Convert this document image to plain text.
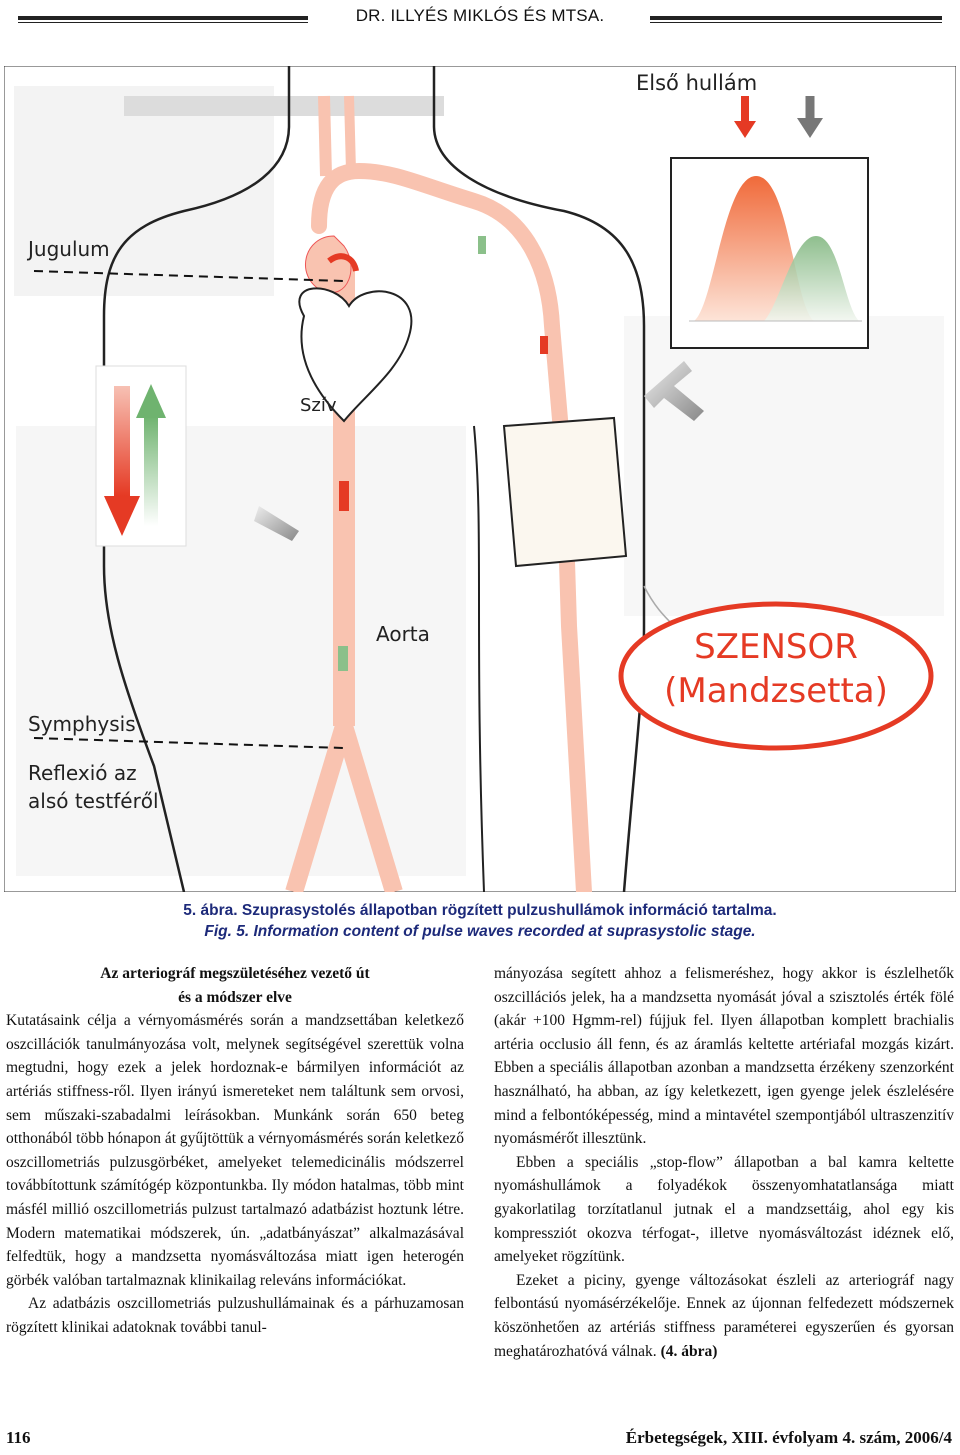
DR. ILLYÉS MIKLÓS ÉS MTSA.
Első hullám
Jugulum
Szív
Aorta
Symphysis
Reflexió az
alsó testféről
SZENSOR
(Mandzsetta)
5. ábra. Szuprasystolés állapotban rögzített pulzushullámok információ tartalma.
Fig. 5. Information content of pulse waves recorded at suprasystolic stage.
Az arteriográf megszületéséhez vezető út
és a módszer elve

Kutatásaink célja a vérnyomásmérés során a mandzsettában keletkező oszcillációk tanulmányozása volt, melynek segítségével szerettük volna megtudni, hogy ezek a jelek hordoznak-e bármilyen információt az artériás stiffness-ről. Ilyen irányú ismereteket nem találtunk sem orvosi, sem műszaki-szabadalmi leírásokban. Munkánk során 650 beteg otthonából több hónapon át gyűjtöttük a vérnyomásmérés során keletkező oszcillometriás pulzusgörbéket, amelyeket telemedicinális módszerrel továbbítottunk számítógép központunkba. Ily módon hatalmas, több mint másfél millió oszcillometriás pulzust tartalmazó adatbázist hoztunk létre. Modern matematikai módszerek, ún. „adatbányászat” alkalmazásával felfedtük, hogy a mandzsetta nyomásváltozása miatt igen heterogén görbék valóban tartalmaznak klinikailag releváns információkat.

Az adatbázis oszcillometriás pulzushullámainak és a párhuzamosan rögzített klinikai adatoknak további tanul-

mányozása segített ahhoz a felismeréshez, hogy akkor is észlelhetők oszcillációs jelek, ha a mandzsetta nyomását jóval a szisztolés érték fölé (akár +100 Hgmm-rel) fújjuk fel. Ilyen állapotban komplett brachialis artéria occlusio áll fenn, és az áramlás keltette artériafal mozgás kizárt. Ebben a speciális állapotban azonban a mandzsetta érzékeny szenzorként használható, ha abban, az így keletkezett, igen gyenge jelek észlelésére mind a felbontóképesség, mind a mintavétel szempontjából ultraszenzitív nyomásmérőt illesztünk.

Ebben a speciális „stop-flow” állapotban a bal kamra keltette nyomáshullámok a folyadékok összenyomhatatlansága miatt gyakorlatilag torzítatlanul jutnak el a mandzsettáig, ahol egy kis kompressziót okozva térfogat-, illetve nyomásváltozást idéznek elő, amelyeket rögzítünk.

Ezeket a piciny, gyenge változásokat észleli az arteriográf nagy felbontású nyomásérzékelője. Ennek az újonnan felfedezett módszernek köszönhetően az artériás stiffness paraméterei egyszerűen és gyorsan meghatározhatóvá válnak. (4. ábra)

116	Érbetegségek, XIII. évfolyam 4. szám, 2006/4
